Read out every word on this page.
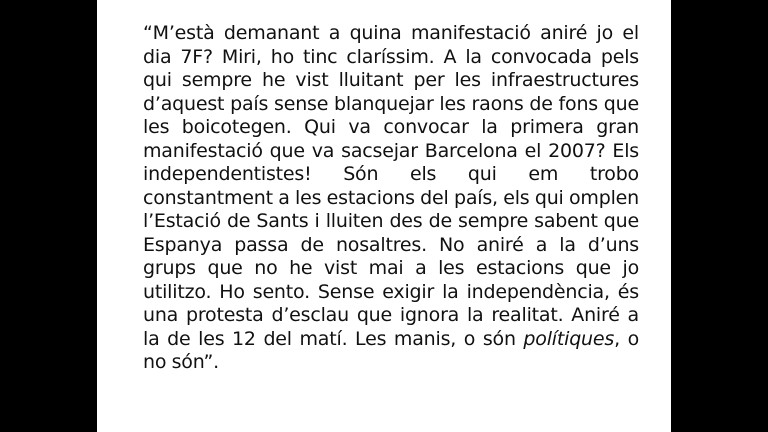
“M’està demanant a quina manifestació aniré jo el dia 7F? Miri, ho tinc claríssim. A la convocada pels qui sempre he vist lluitant per les infraestructures d’aquest país sense blanquejar les raons de fons que les boicotegen. Qui va convocar la primera gran manifestació que va sacsejar Barcelona el 2007? Els independentistes! Són els qui em trobo constantment a les estacions del país, els qui omplen l’Estació de Sants i lluiten des de sempre sabent que Espanya passa de nosaltres. No aniré a la d’uns grups que no he vist mai a les estacions que jo utilitzo. Ho sento. Sense exigir la independència, és una protesta d’esclau que ignora la realitat. Aniré a la de les 12 del matí. Les manis, o són polítiques, o no són”.
